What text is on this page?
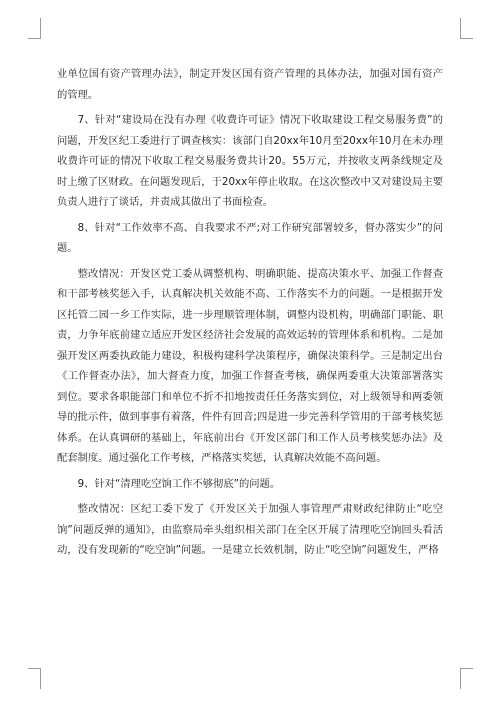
业单位国有资产管理办法》，制定开发区国有资产管理的具体办法，加强对国有资产的管理。

7、针对“建设局在没有办理《收费许可证》情况下收取建设工程交易服务费”的问题，开发区纪工委进行了调查核实：该部门自20xx年10月至20xx年10月在未办理收费许可证的情况下收取工程交易服务费共计20。55万元，并按收支两条线规定及时上缴了区财政。在问题发现后，于20xx年停止收取。在这次整改中又对建设局主要负责人进行了谈话，并责成其做出了书面检查。

8、针对“工作效率不高、自我要求不严;对工作研究部署较多，督办落实少”的问题。

整改情况：开发区党工委从调整机构、明确职能、提高决策水平、加强工作督查和干部考核奖惩入手，认真解决机关效能不高、工作落实不力的问题。一是根据开发区托管二园一乡工作实际，进一步理顺管理体制，调整内设机构，明确部门职能、职责，力争年底前建立适应开发区经济社会发展的高效运转的管理体系和机构。二是加强开发区两委执政能力建设，积极构建科学决策程序，确保决策科学。三是制定出台《工作督查办法》，加大督查力度，加强工作督查考核，确保两委重大决策部署落实到位。要求各职能部门和单位不折不扣地按责任任务落实到位，对上级领导和两委领导的批示件，做到事事有着落，件件有回音;四是进一步完善科学管用的干部考核奖惩体系。在认真调研的基础上，年底前出台《开发区部门和工作人员考核奖惩办法》及配套制度。通过强化工作考核，严格落实奖惩，认真解决效能不高问题。

9、针对“清理吃空饷工作不够彻底”的问题。

整改情况：区纪工委下发了《开发区关于加强人事管理严肃财政纪律防止“吃空饷”问题反弹的通知》，由监察局牵头组织相关部门在全区开展了清理吃空饷回头看活动，没有发现新的“吃空饷”问题。一是建立长效机制，防止“吃空饷”问题发生，严格
